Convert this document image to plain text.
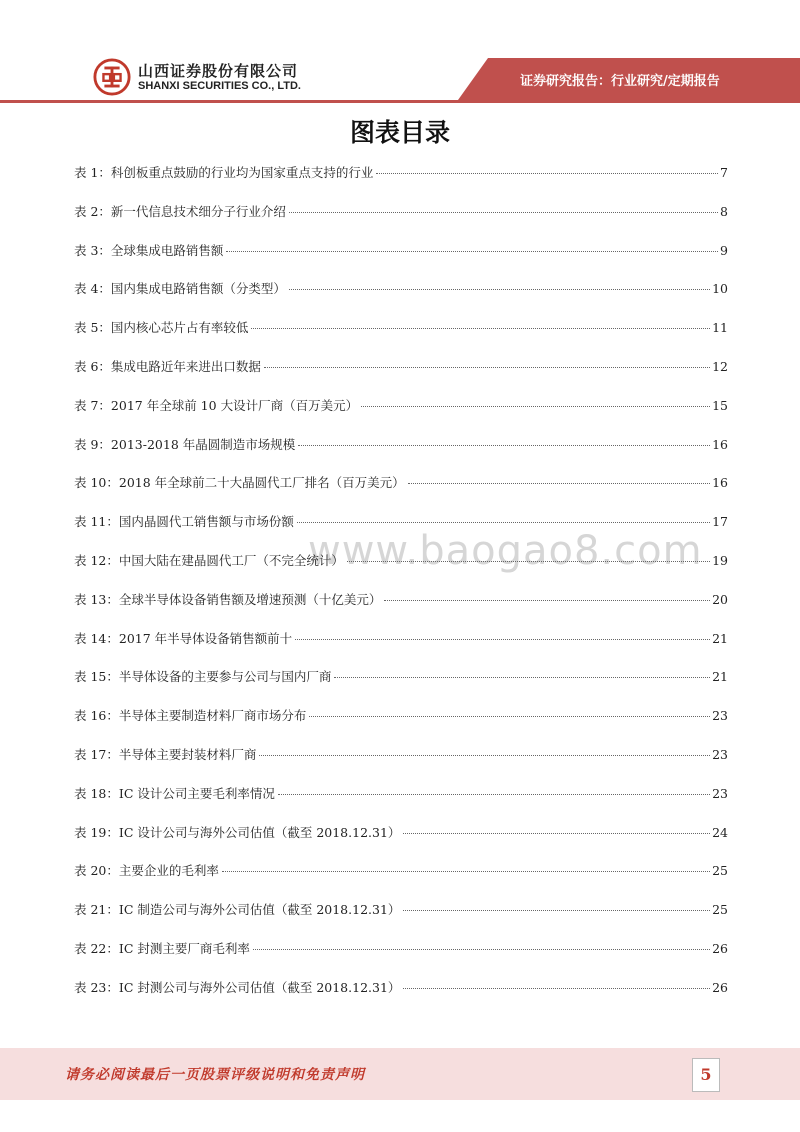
山西证券股份有限公司
SHANXI SECURITIES CO., LTD.	证券研究报告：行业研究/定期报告
图表目录
www.baogao8.com
表 1：科创板重点鼓励的行业均为国家重点支持的行业	7
表 2：新一代信息技术细分子行业介绍	8
表 3：全球集成电路销售额	9
表 4：国内集成电路销售额（分类型）	10
表 5：国内核心芯片占有率较低	11
表 6：集成电路近年来进出口数据	12
表 7：2017 年全球前 10 大设计厂商（百万美元）	15
表 9：2013-2018 年晶圆制造市场规模	16
表 10：2018 年全球前二十大晶圆代工厂排名（百万美元）	16
表 11：国内晶圆代工销售额与市场份额	17
表 12：中国大陆在建晶圆代工厂（不完全统计）	19
表 13：全球半导体设备销售额及增速预测（十亿美元）	20
表 14：2017 年半导体设备销售额前十	21
表 15：半导体设备的主要参与公司与国内厂商	21
表 16：半导体主要制造材料厂商市场分布	23
表 17：半导体主要封装材料厂商	23
表 18：IC 设计公司主要毛利率情况	23
表 19：IC 设计公司与海外公司估值（截至 2018.12.31）	24
表 20：主要企业的毛利率	25
表 21：IC 制造公司与海外公司估值（截至 2018.12.31）	25
表 22：IC 封测主要厂商毛利率	26
表 23：IC 封测公司与海外公司估值（截至 2018.12.31）	26
请务必阅读最后一页股票评级说明和免责声明	5
